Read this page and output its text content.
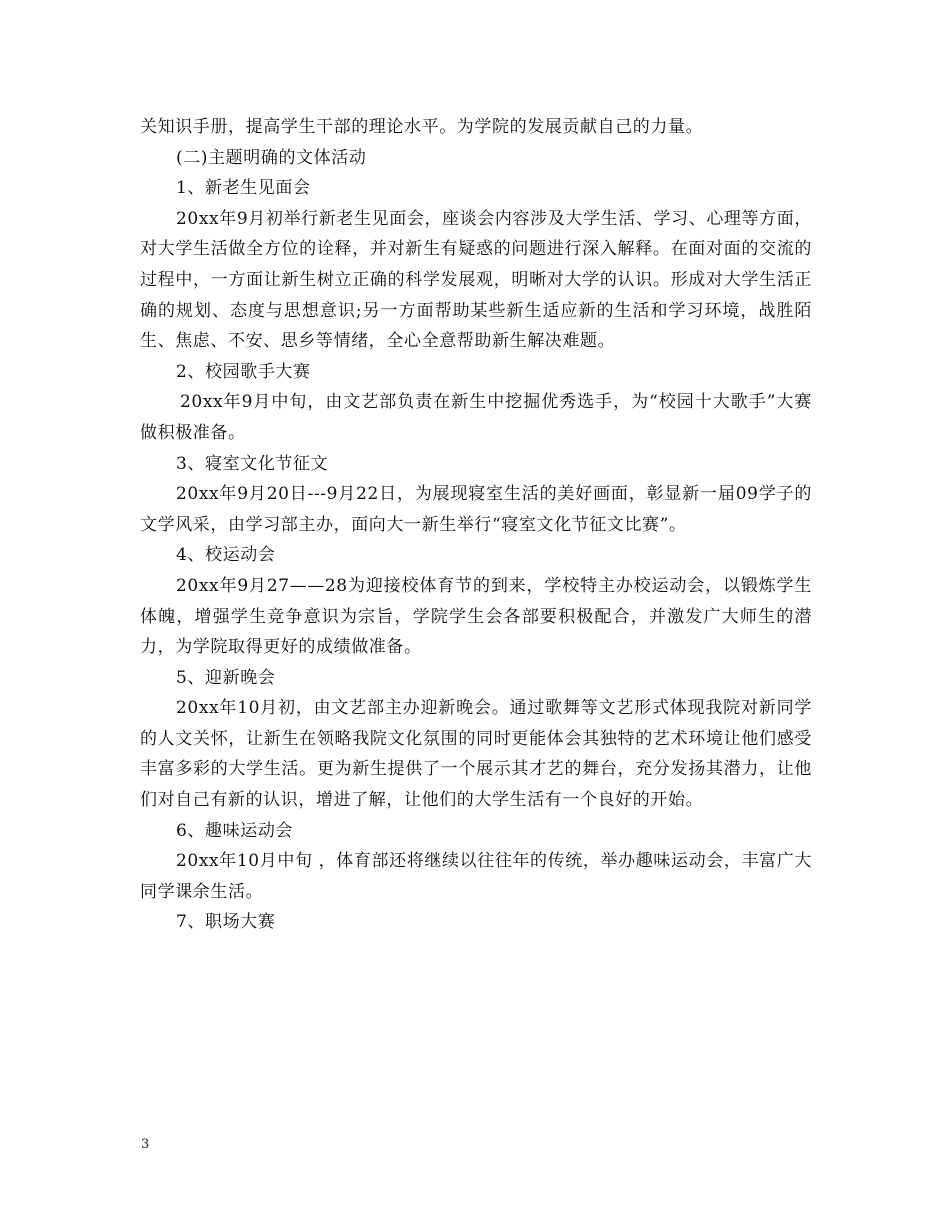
关知识手册，提高学生干部的理论水平。为学院的发展贡献自己的力量。

(二)主题明确的文体活动

1、新老生见面会

20xx年9月初举行新老生见面会，座谈会内容涉及大学生活、学习、心理等方面，对大学生活做全方位的诠释，并对新生有疑惑的问题进行深入解释。在面对面的交流的过程中，一方面让新生树立正确的科学发展观，明晰对大学的认识。形成对大学生活正确的规划、态度与思想意识;另一方面帮助某些新生适应新的生活和学习环境，战胜陌生、焦虑、不安、思乡等情绪，全心全意帮助新生解决难题。

2、校园歌手大赛

20xx年9月中旬，由文艺部负责在新生中挖掘优秀选手，为“校园十大歌手”大赛做积极准备。

3、寝室文化节征文

20xx年9月20日---9月22日，为展现寝室生活的美好画面，彰显新一届09学子的文学风采，由学习部主办，面向大一新生举行“寝室文化节征文比赛”。

4、校运动会

20xx年9月27——28为迎接校体育节的到来，学校特主办校运动会，以锻炼学生体魄，增强学生竞争意识为宗旨，学院学生会各部要积极配合，并激发广大师生的潜力，为学院取得更好的成绩做准备。

5、迎新晚会

20xx年10月初，由文艺部主办迎新晚会。通过歌舞等文艺形式体现我院对新同学的人文关怀，让新生在领略我院文化氛围的同时更能体会其独特的艺术环境让他们感受丰富多彩的大学生活。更为新生提供了一个展示其才艺的舞台，充分发扬其潜力，让他们对自己有新的认识，增进了解，让他们的大学生活有一个良好的开始。

6、趣味运动会

20xx年10月中旬 ，体育部还将继续以往往年的传统，举办趣味运动会，丰富广大同学课余生活。

7、职场大赛

3
